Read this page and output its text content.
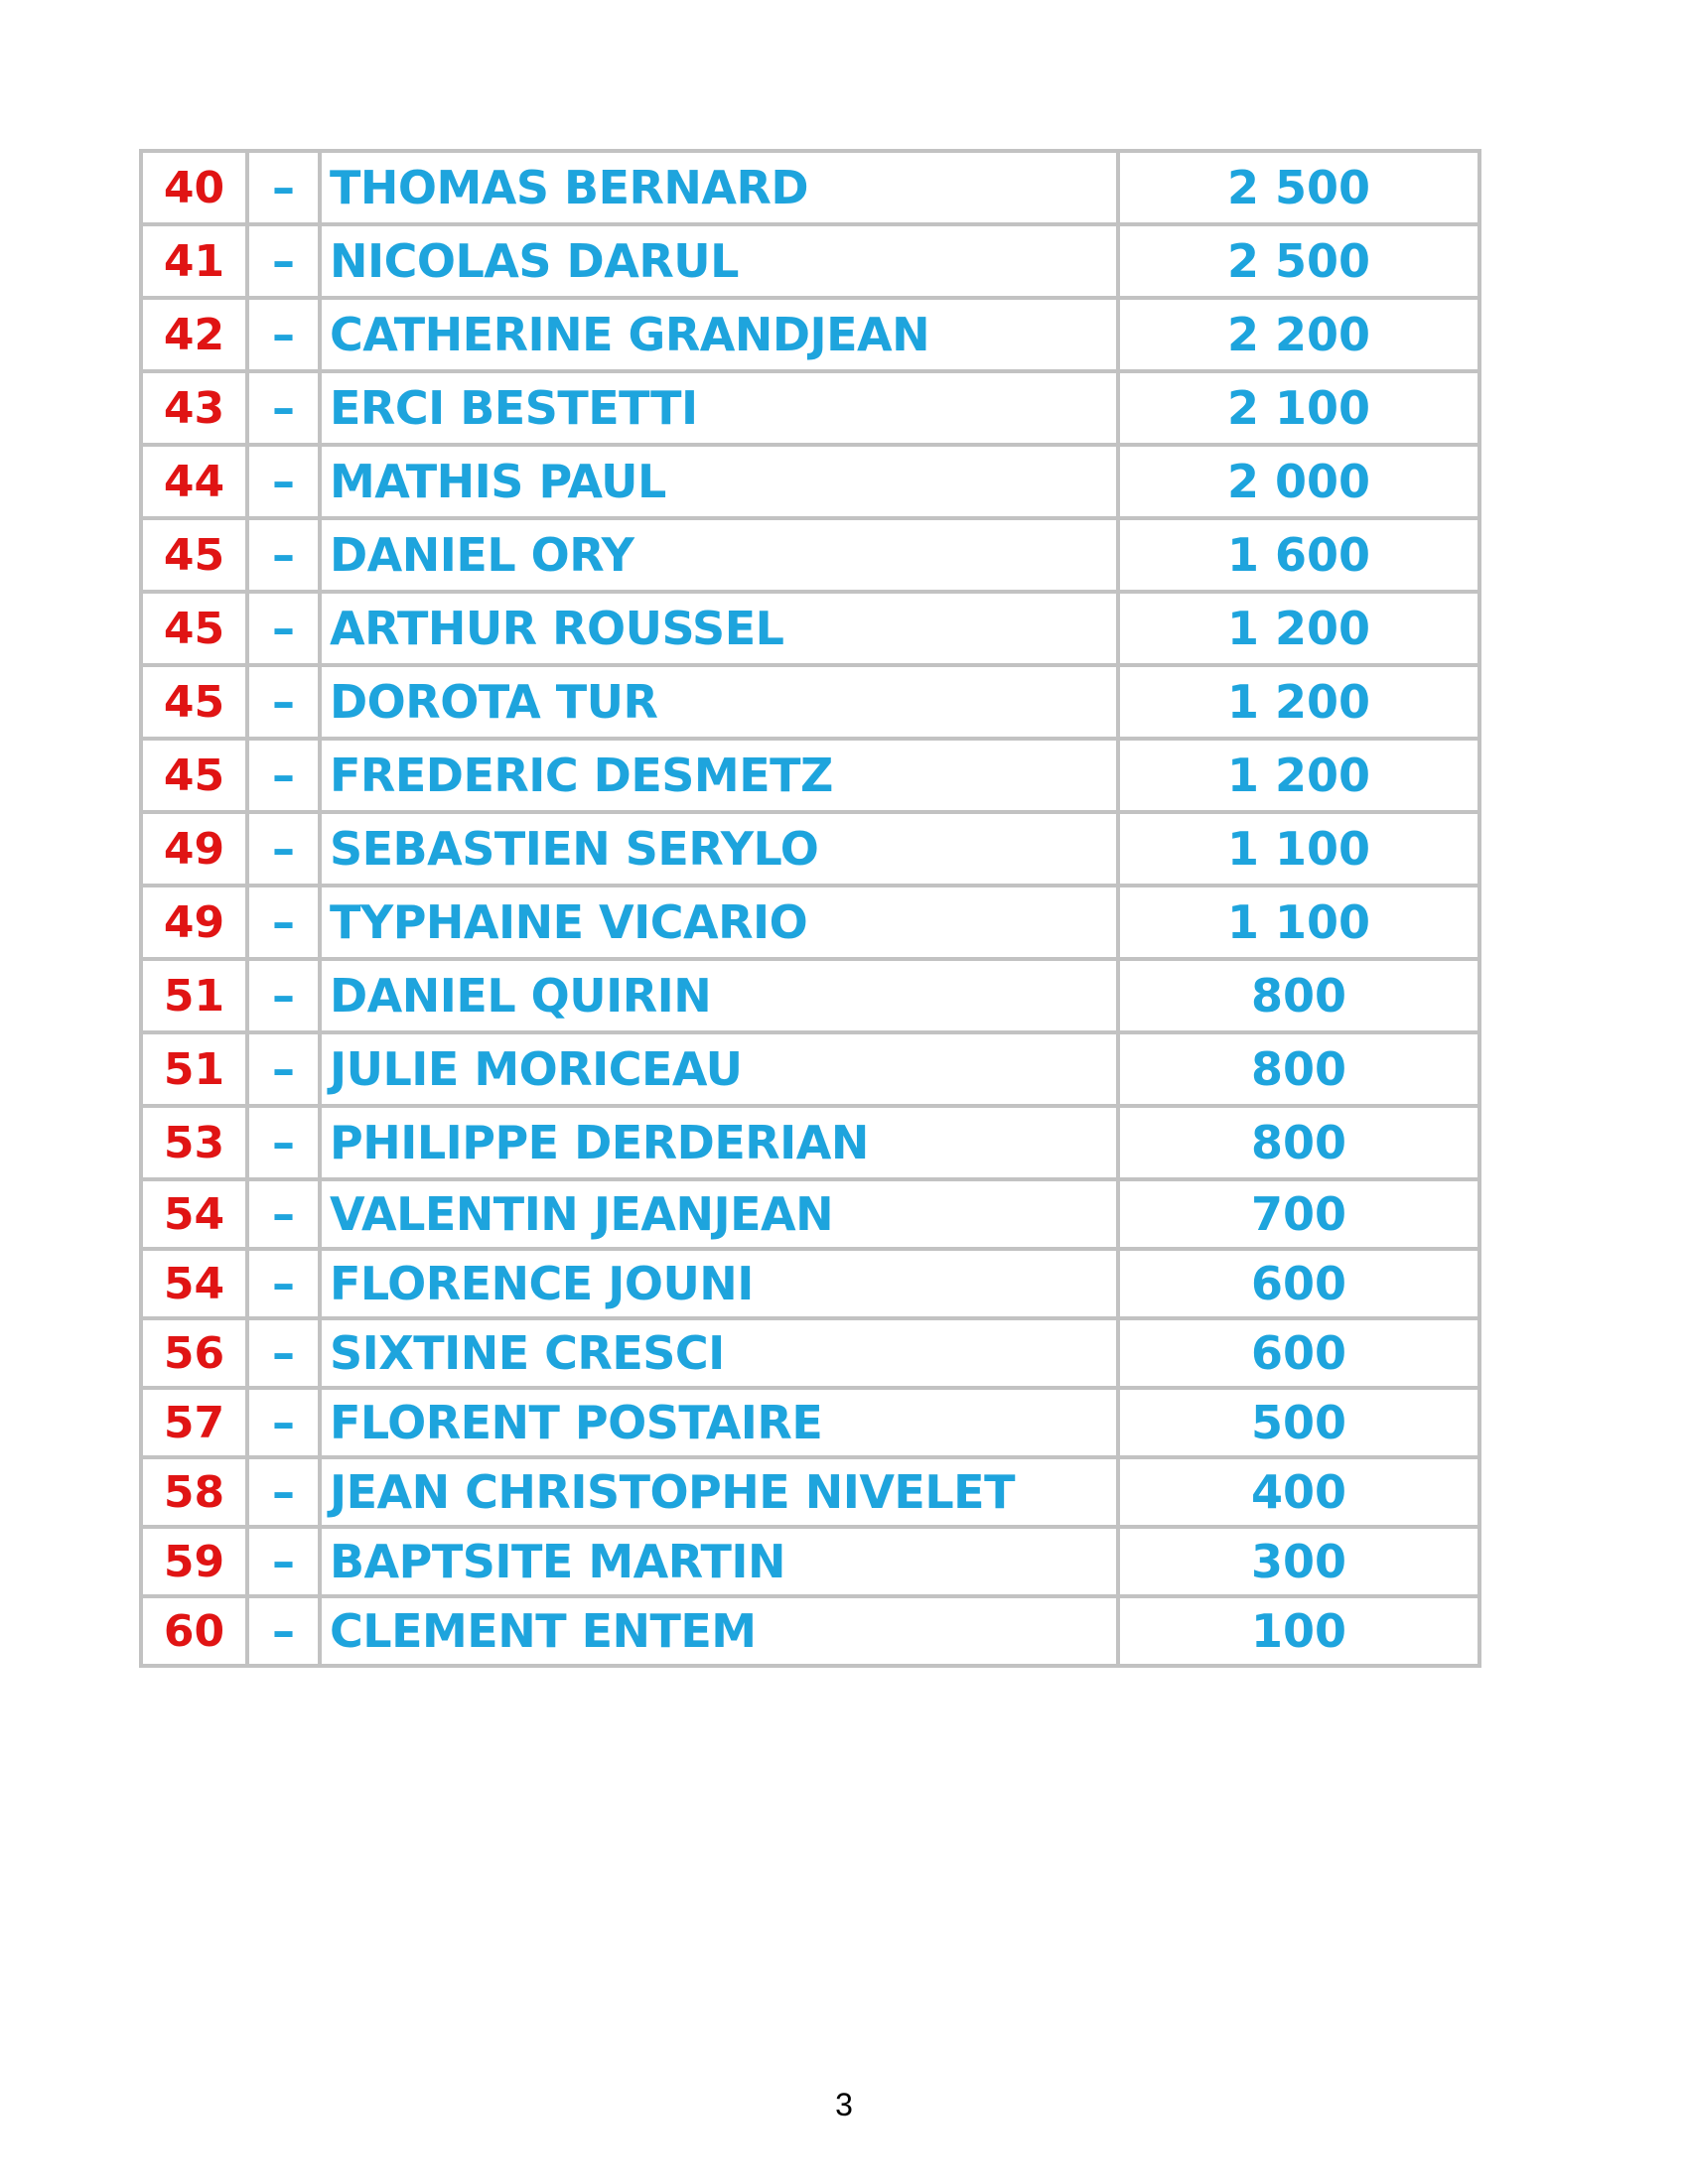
40	–	THOMAS BERNARD	2 500
41	–	NICOLAS DARUL	2 500
42	–	CATHERINE GRANDJEAN	2 200
43	–	ERCI BESTETTI	2 100
44	–	MATHIS PAUL	2 000
45	–	DANIEL ORY	1 600
45	–	ARTHUR ROUSSEL	1 200
45	–	DOROTA TUR	1 200
45	–	FREDERIC DESMETZ	1 200
49	–	SEBASTIEN SERYLO	1 100
49	–	TYPHAINE VICARIO	1 100
51	–	DANIEL QUIRIN	800
51	–	JULIE MORICEAU	800
53	–	PHILIPPE DERDERIAN	800
54	–	VALENTIN JEANJEAN	700
54	–	FLORENCE JOUNI	600
56	–	SIXTINE CRESCI	600
57	–	FLORENT POSTAIRE	500
58	–	JEAN CHRISTOPHE NIVELET	400
59	–	BAPTSITE MARTIN	300
60	–	CLEMENT ENTEM	100
3
